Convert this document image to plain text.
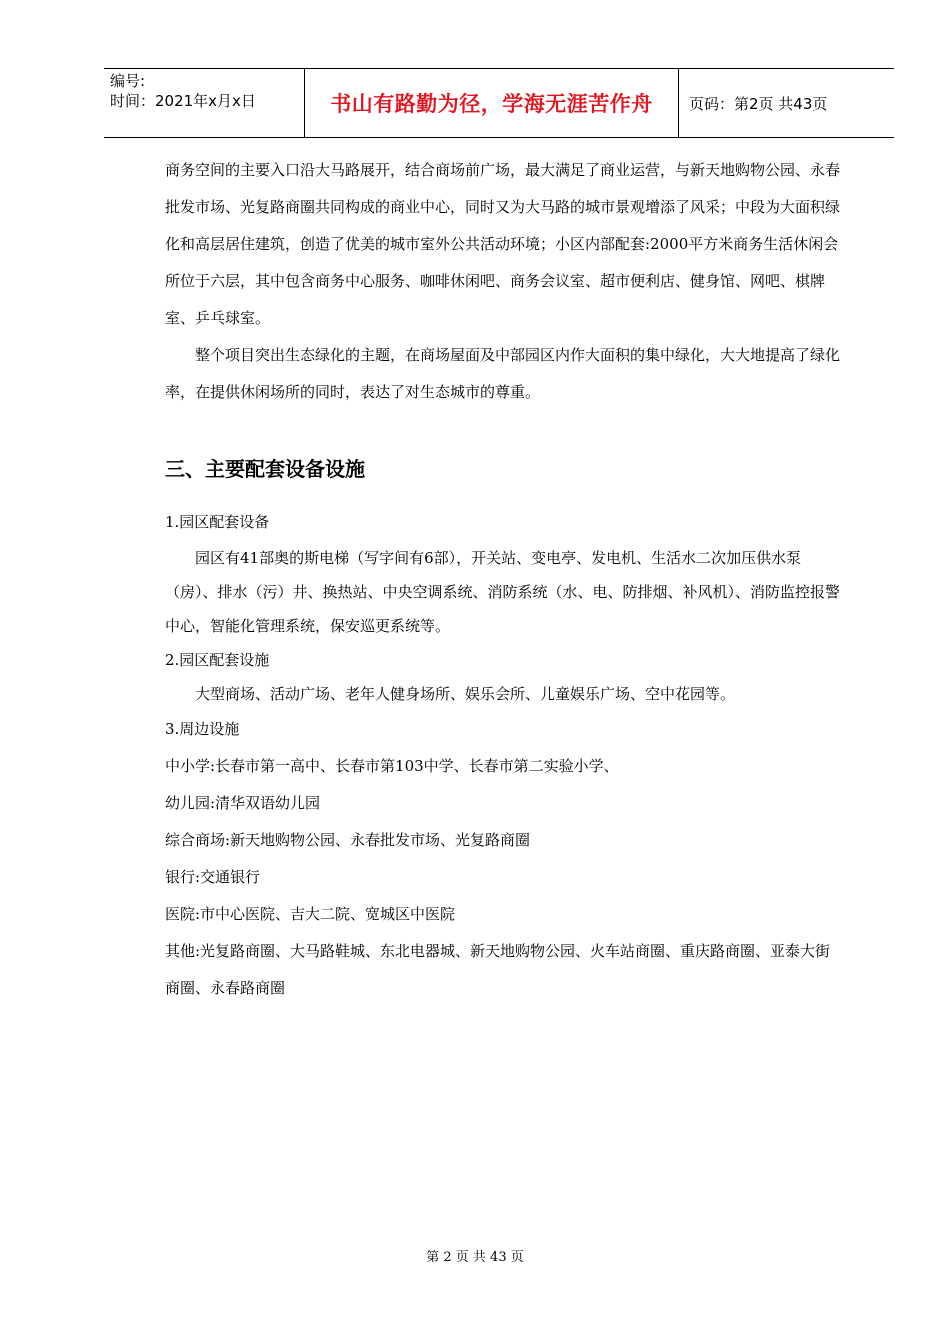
编号:
时间：2021年x月x日	书山有路勤为径，学海无涯苦作舟	页码：第2页 共43页

商务空间的主要入口沿大马路展开，结合商场前广场，最大满足了商业运营，与新天地购物公园、永春批发市场、光复路商圈共同构成的商业中心，同时又为大马路的城市景观增添了风采；中段为大面积绿化和高层居住建筑，创造了优美的城市室外公共活动环境；小区内部配套:2000平方米商务生活休闲会所位于六层，其中包含商务中心服务、咖啡休闲吧、商务会议室、超市便利店、健身馆、网吧、棋牌室、乒乓球室。

整个项目突出生态绿化的主题，在商场屋面及中部园区内作大面积的集中绿化，大大地提高了绿化率，在提供休闲场所的同时，表达了对生态城市的尊重。

三、主要配套设备设施

1.园区配套设备

园区有41部奥的斯电梯（写字间有6部），开关站、变电亭、发电机、生活水二次加压供水泵（房）、排水（污）井、换热站、中央空调系统、消防系统（水、电、防排烟、补风机）、消防监控报警中心，智能化管理系统，保安巡更系统等。

2.园区配套设施

大型商场、活动广场、老年人健身场所、娱乐会所、儿童娱乐广场、空中花园等。

3.周边设施

中小学:长春市第一高中、长春市第103中学、长春市第二实验小学、

幼儿园:清华双语幼儿园

综合商场:新天地购物公园、永春批发市场、光复路商圈

银行:交通银行

医院:市中心医院、吉大二院、宽城区中医院

其他:光复路商圈、大马路鞋城、东北电器城、新天地购物公园、火车站商圈、重庆路商圈、亚泰大街商圈、永春路商圈

第 2 页 共 43 页
